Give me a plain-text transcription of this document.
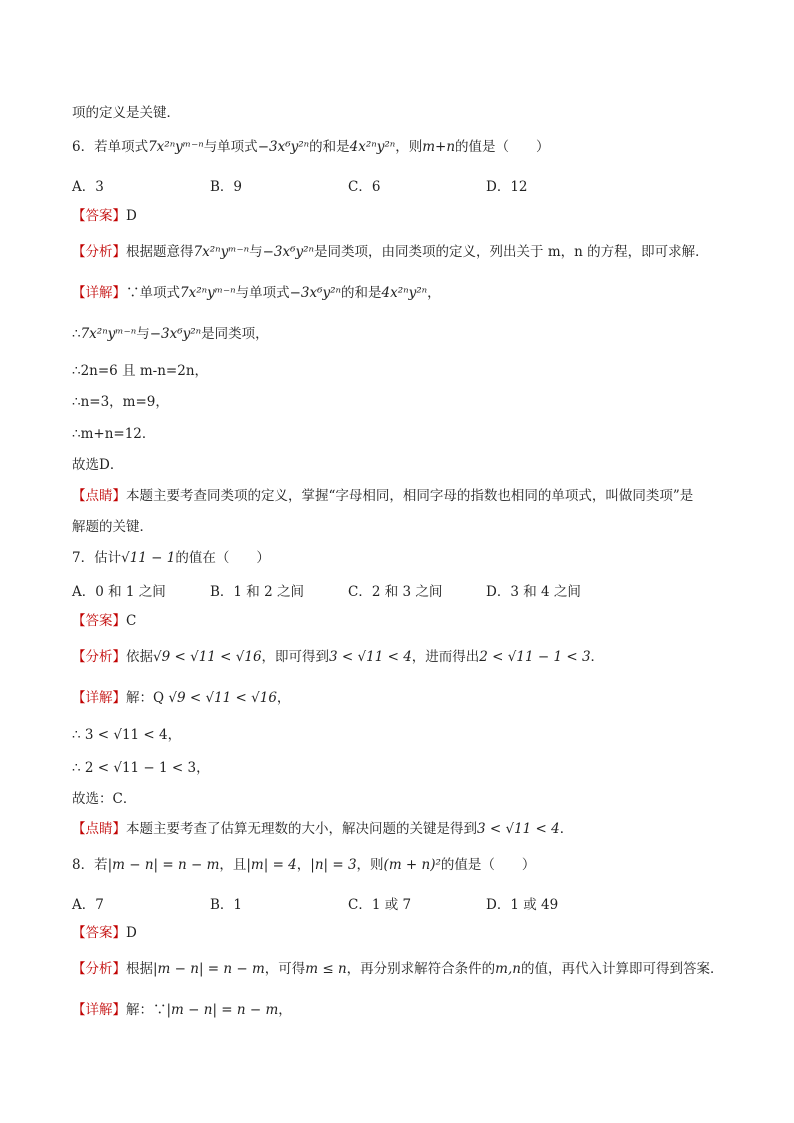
项的定义是关键．
6．若单项式7x²ⁿyᵐ⁻ⁿ与单项式−3x⁶y²ⁿ的和是4x²ⁿy²ⁿ，则m+n的值是（　　）
A．3	B．9	C．6	D．12
【答案】D
【分析】根据题意得7x²ⁿyᵐ⁻ⁿ与−3x⁶y²ⁿ是同类项，由同类项的定义，列出关于 m，n 的方程，即可求解．
【详解】∵单项式7x²ⁿyᵐ⁻ⁿ与单项式−3x⁶y²ⁿ的和是4x²ⁿy²ⁿ，
∴7x²ⁿyᵐ⁻ⁿ与−3x⁶y²ⁿ是同类项，
∴2n=6 且 m-n=2n，
∴n=3，m=9，
∴m+n=12．
故选D．
【点睛】本题主要考查同类项的定义，掌握“字母相同，相同字母的指数也相同的单项式，叫做同类项”是
解题的关键．
7．估计√11 − 1的值在（　　）
A．0 和 1 之间	B．1 和 2 之间	C．2 和 3 之间	D．3 和 4 之间
【答案】C
【分析】依据√9 < √11 < √16，即可得到3 < √11 < 4，进而得出2 < √11 − 1 < 3．
【详解】解：Q √9 < √11 < √16，
∴ 3 < √11 < 4，
∴ 2 < √11 − 1 < 3，
故选：C．
【点睛】本题主要考查了估算无理数的大小，解决问题的关键是得到3 < √11 < 4．
8．若|m − n| = n − m，且|m| = 4，|n| = 3，则(m + n)²的值是（　　）
A．7	B．1	C．1 或 7	D．1 或 49
【答案】D
【分析】根据|m − n| = n − m，可得m ≤ n，再分别求解符合条件的m,n的值，再代入计算即可得到答案．
【详解】解：∵|m − n| = n − m，
